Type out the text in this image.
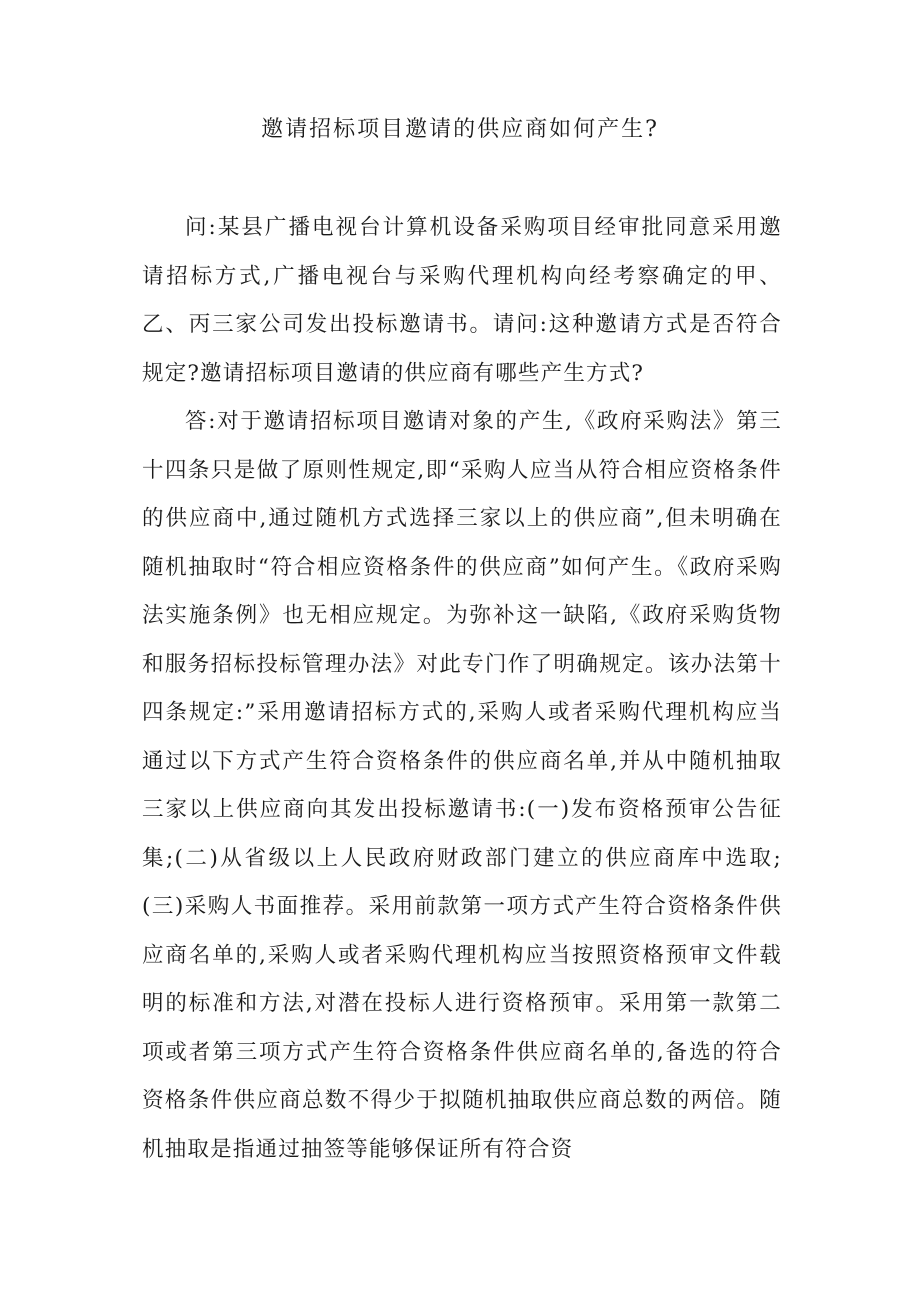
邀请招标项目邀请的供应商如何产生?

问:某县广播电视台计算机设备采购项目经审批同意采用邀请招标方式,广播电视台与采购代理机构向经考察确定的甲、乙、丙三家公司发出投标邀请书。请问:这种邀请方式是否符合规定?邀请招标项目邀请的供应商有哪些产生方式?

答:对于邀请招标项目邀请对象的产生,《政府采购法》第三十四条只是做了原则性规定,即“采购人应当从符合相应资格条件的供应商中,通过随机方式选择三家以上的供应商”,但未明确在随机抽取时“符合相应资格条件的供应商”如何产生。《政府采购法实施条例》也无相应规定。为弥补这一缺陷,《政府采购货物和服务招标投标管理办法》对此专门作了明确规定。该办法第十四条规定:”采用邀请招标方式的,采购人或者采购代理机构应当通过以下方式产生符合资格条件的供应商名单,并从中随机抽取三家以上供应商向其发出投标邀请书:(一)发布资格预审公告征集;(二)从省级以上人民政府财政部门建立的供应商库中选取;(三)采购人书面推荐。采用前款第一项方式产生符合资格条件供应商名单的,采购人或者采购代理机构应当按照资格预审文件载明的标准和方法,对潜在投标人进行资格预审。采用第一款第二项或者第三项方式产生符合资格条件供应商名单的,备选的符合资格条件供应商总数不得少于拟随机抽取供应商总数的两倍。随机抽取是指通过抽签等能够保证所有符合资
